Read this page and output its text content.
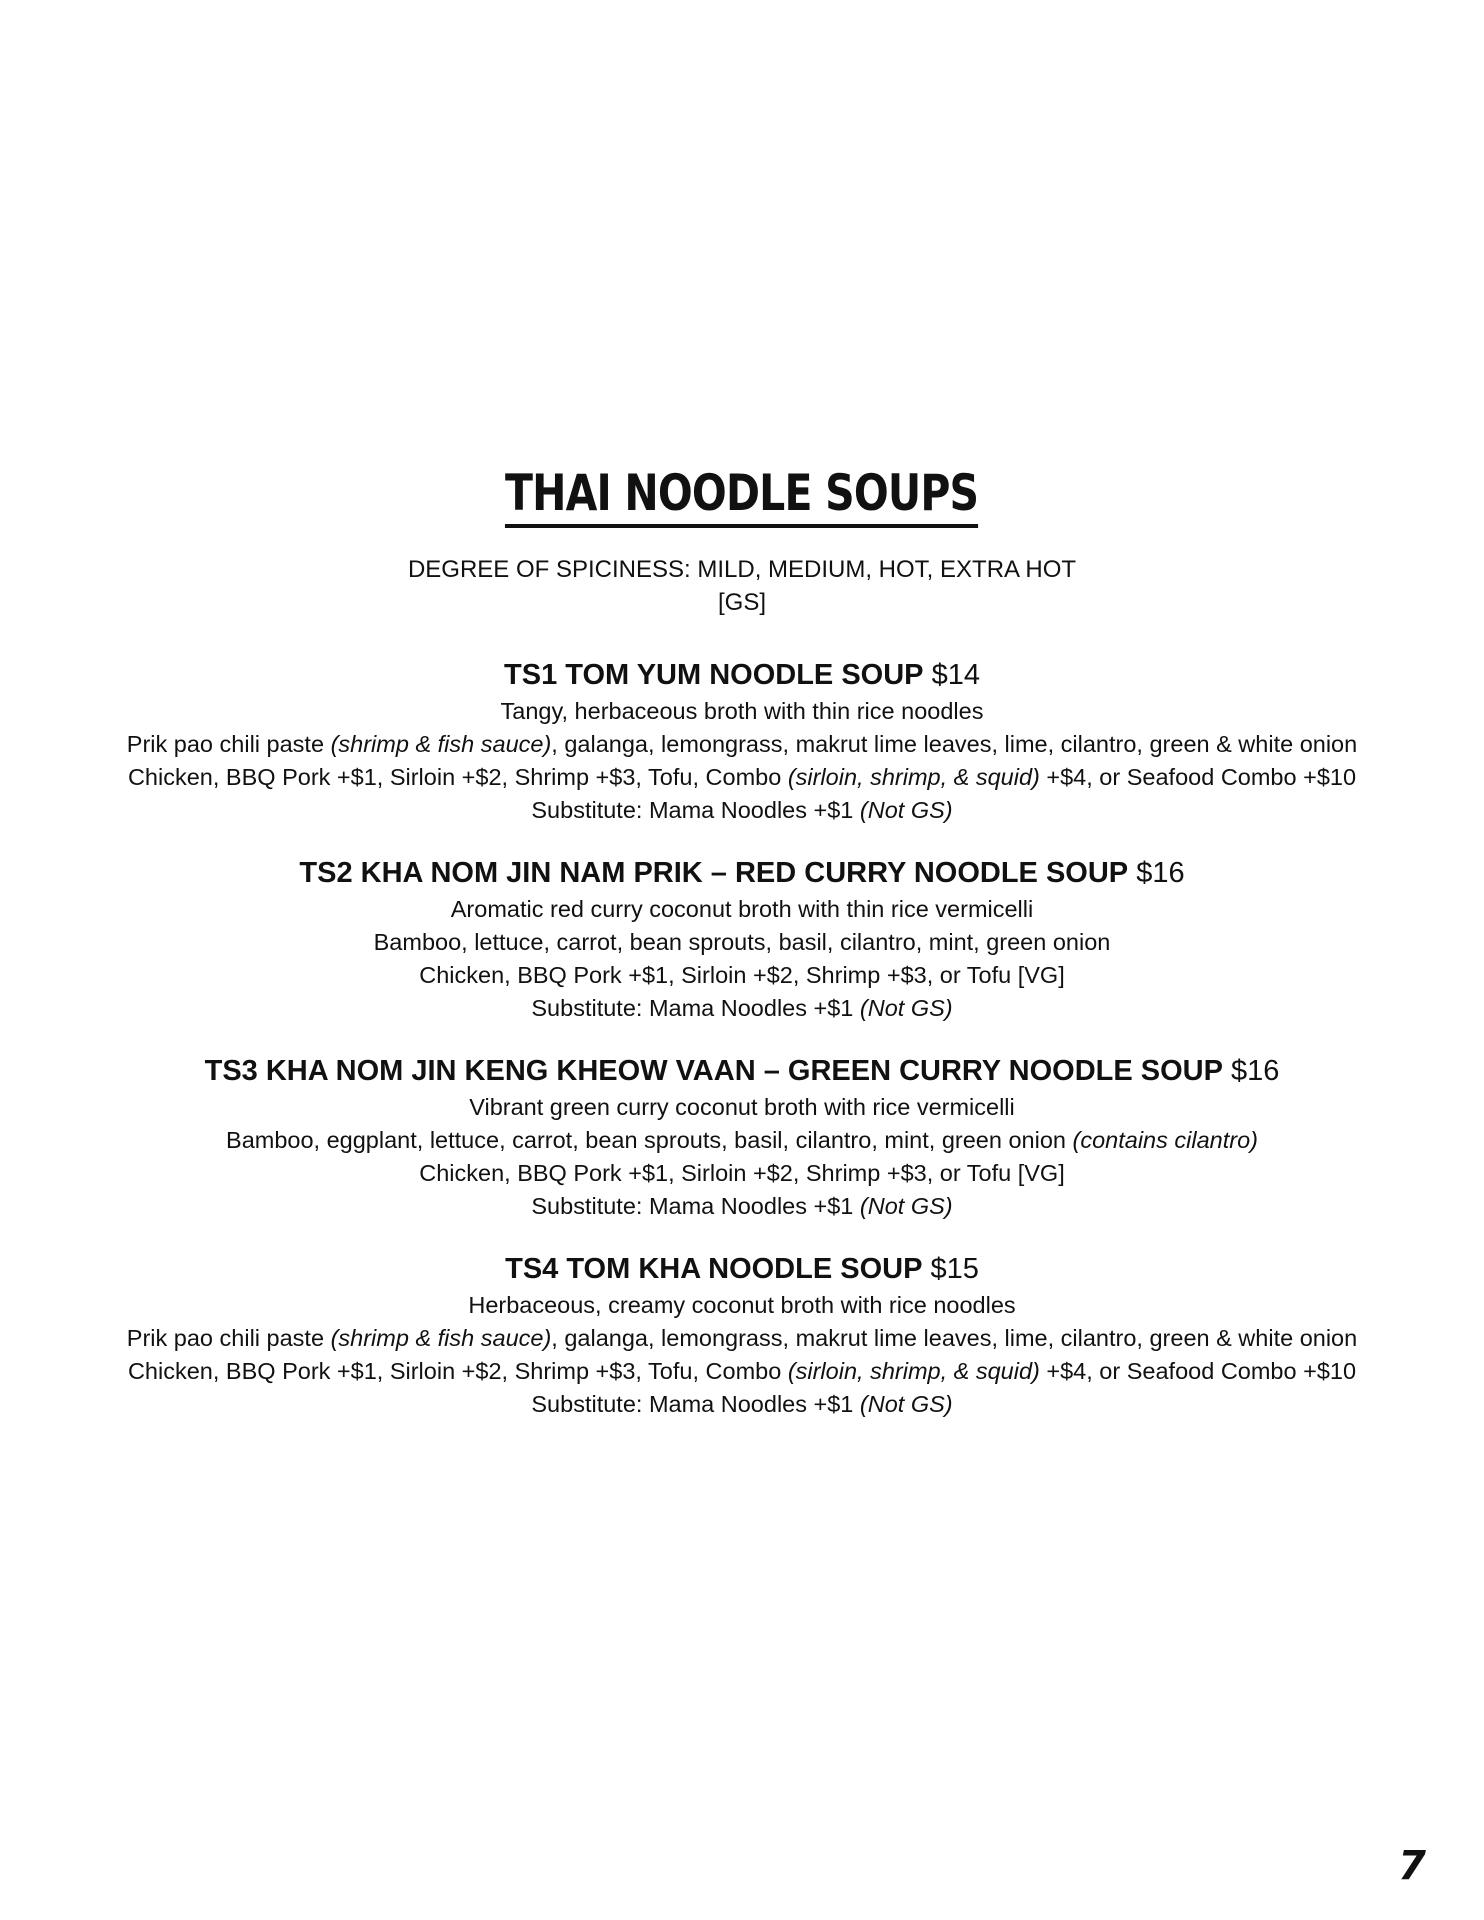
THAI NOODLE SOUPS
DEGREE OF SPICINESS: MILD, MEDIUM, HOT, EXTRA HOT
[GS]
TS1 TOM YUM NOODLE SOUP $14
Tangy, herbaceous broth with thin rice noodles
Prik pao chili paste (shrimp & fish sauce), galanga, lemongrass, makrut lime leaves, lime, cilantro, green & white onion
Chicken, BBQ Pork +$1, Sirloin +$2, Shrimp +$3, Tofu, Combo (sirloin, shrimp, & squid) +$4, or Seafood Combo +$10
Substitute: Mama Noodles +$1 (Not GS)
TS2 KHA NOM JIN NAM PRIK – RED CURRY NOODLE SOUP $16
Aromatic red curry coconut broth with thin rice vermicelli
Bamboo, lettuce, carrot, bean sprouts, basil, cilantro, mint, green onion
Chicken, BBQ Pork +$1, Sirloin +$2, Shrimp +$3, or Tofu [VG]
Substitute: Mama Noodles +$1 (Not GS)
TS3 KHA NOM JIN KENG KHEOW VAAN – GREEN CURRY NOODLE SOUP $16
Vibrant green curry coconut broth with rice vermicelli
Bamboo, eggplant, lettuce, carrot, bean sprouts, basil, cilantro, mint, green onion (contains cilantro)
Chicken, BBQ Pork +$1, Sirloin +$2, Shrimp +$3, or Tofu [VG]
Substitute: Mama Noodles +$1 (Not GS)
TS4 TOM KHA NOODLE SOUP $15
Herbaceous, creamy coconut broth with rice noodles
Prik pao chili paste (shrimp & fish sauce), galanga, lemongrass, makrut lime leaves, lime, cilantro, green & white onion
Chicken, BBQ Pork +$1, Sirloin +$2, Shrimp +$3, Tofu, Combo (sirloin, shrimp, & squid) +$4, or Seafood Combo +$10
Substitute: Mama Noodles +$1 (Not GS)
7
